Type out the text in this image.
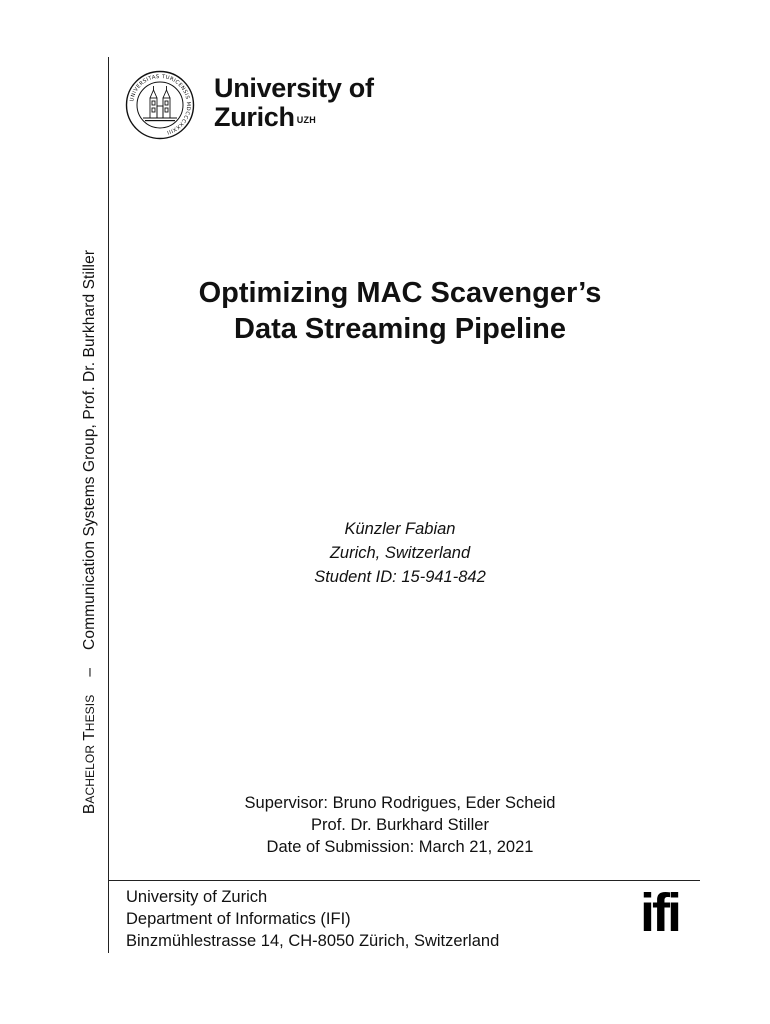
BACHELOR THESIS–Communication Systems Group, Prof. Dr. Burkhard Stiller
UNIVERSITAS TURICENSIS MDCCCXXXIII
University of
Zurich $^{UZH}$
Optimizing MAC Scavenger’s
Data Streaming Pipeline
Künzler Fabian
Zurich, Switzerland
Student ID: 15-941-842
Supervisor: Bruno Rodrigues, Eder Scheid
Prof. Dr. Burkhard Stiller
Date of Submission: March 21, 2021
University of Zurich
Department of Informatics (IFI)
Binzmühlestrasse 14, CH-8050 Zürich, Switzerland	ifi
